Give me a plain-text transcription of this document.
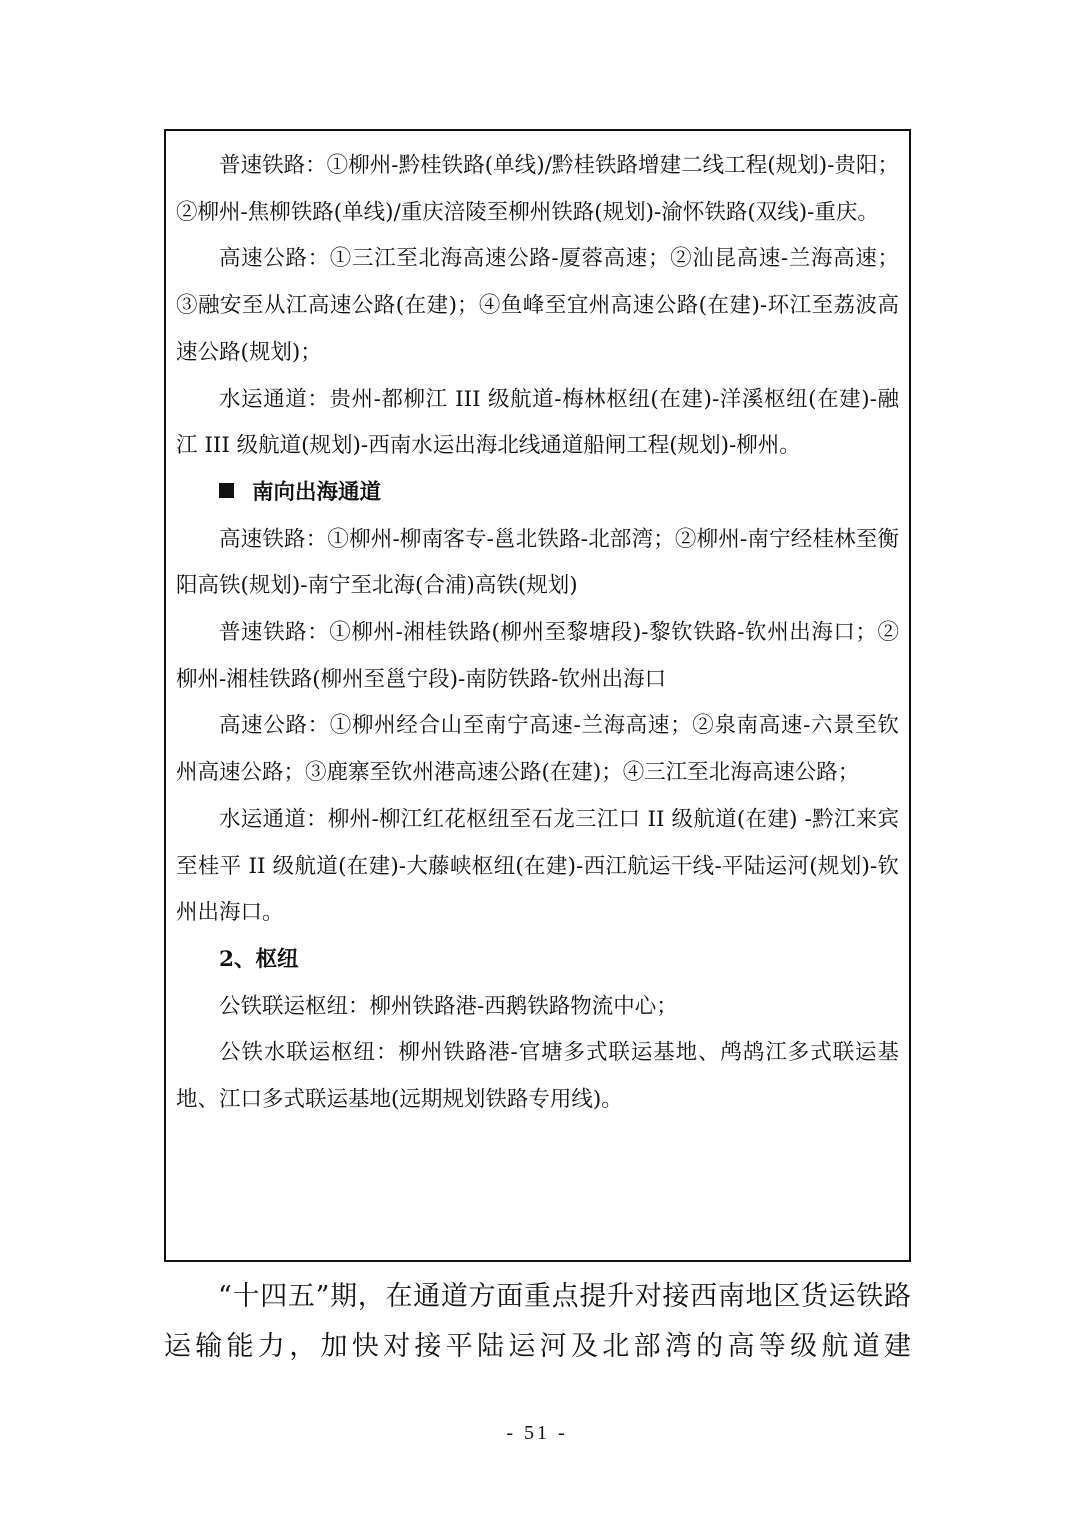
普速铁路：①柳州-黔桂铁路(单线)/黔桂铁路增建二线工程(规划)-贵阳；②柳州-焦柳铁路(单线)/重庆涪陵至柳州铁路(规划)-渝怀铁路(双线)-重庆。

高速公路：①三江至北海高速公路-厦蓉高速；②汕昆高速-兰海高速；③融安至从江高速公路(在建)；④鱼峰至宜州高速公路(在建)-环江至荔波高速公路(规划)；

水运通道：贵州-都柳江 III 级航道-梅林枢纽(在建)-洋溪枢纽(在建)-融江 III 级航道(规划)-西南水运出海北线通道船闸工程(规划)-柳州。

南向出海通道

高速铁路：①柳州-柳南客专-邕北铁路-北部湾；②柳州-南宁经桂林至衡阳高铁(规划)-南宁至北海(合浦)高铁(规划)

普速铁路：①柳州-湘桂铁路(柳州至黎塘段)-黎钦铁路-钦州出海口；②柳州-湘桂铁路(柳州至邕宁段)-南防铁路-钦州出海口

高速公路：①柳州经合山至南宁高速-兰海高速；②泉南高速-六景至钦州高速公路；③鹿寨至钦州港高速公路(在建)；④三江至北海高速公路；

水运通道：柳州-柳江红花枢纽至石龙三江口 II 级航道(在建) -黔江来宾至桂平 II 级航道(在建)-大藤峡枢纽(在建)-西江航运干线-平陆运河(规划)-钦州出海口。

2、枢纽

公铁联运枢纽：柳州铁路港-西鹅铁路物流中心；

公铁水联运枢纽：柳州铁路港-官塘多式联运基地、鸬鸪江多式联运基地、江口多式联运基地(远期规划铁路专用线)。

“十四五”期，在通道方面重点提升对接西南地区货运铁路运输能力，加快对接平陆运河及北部湾的高等级航道建

- 51 -
